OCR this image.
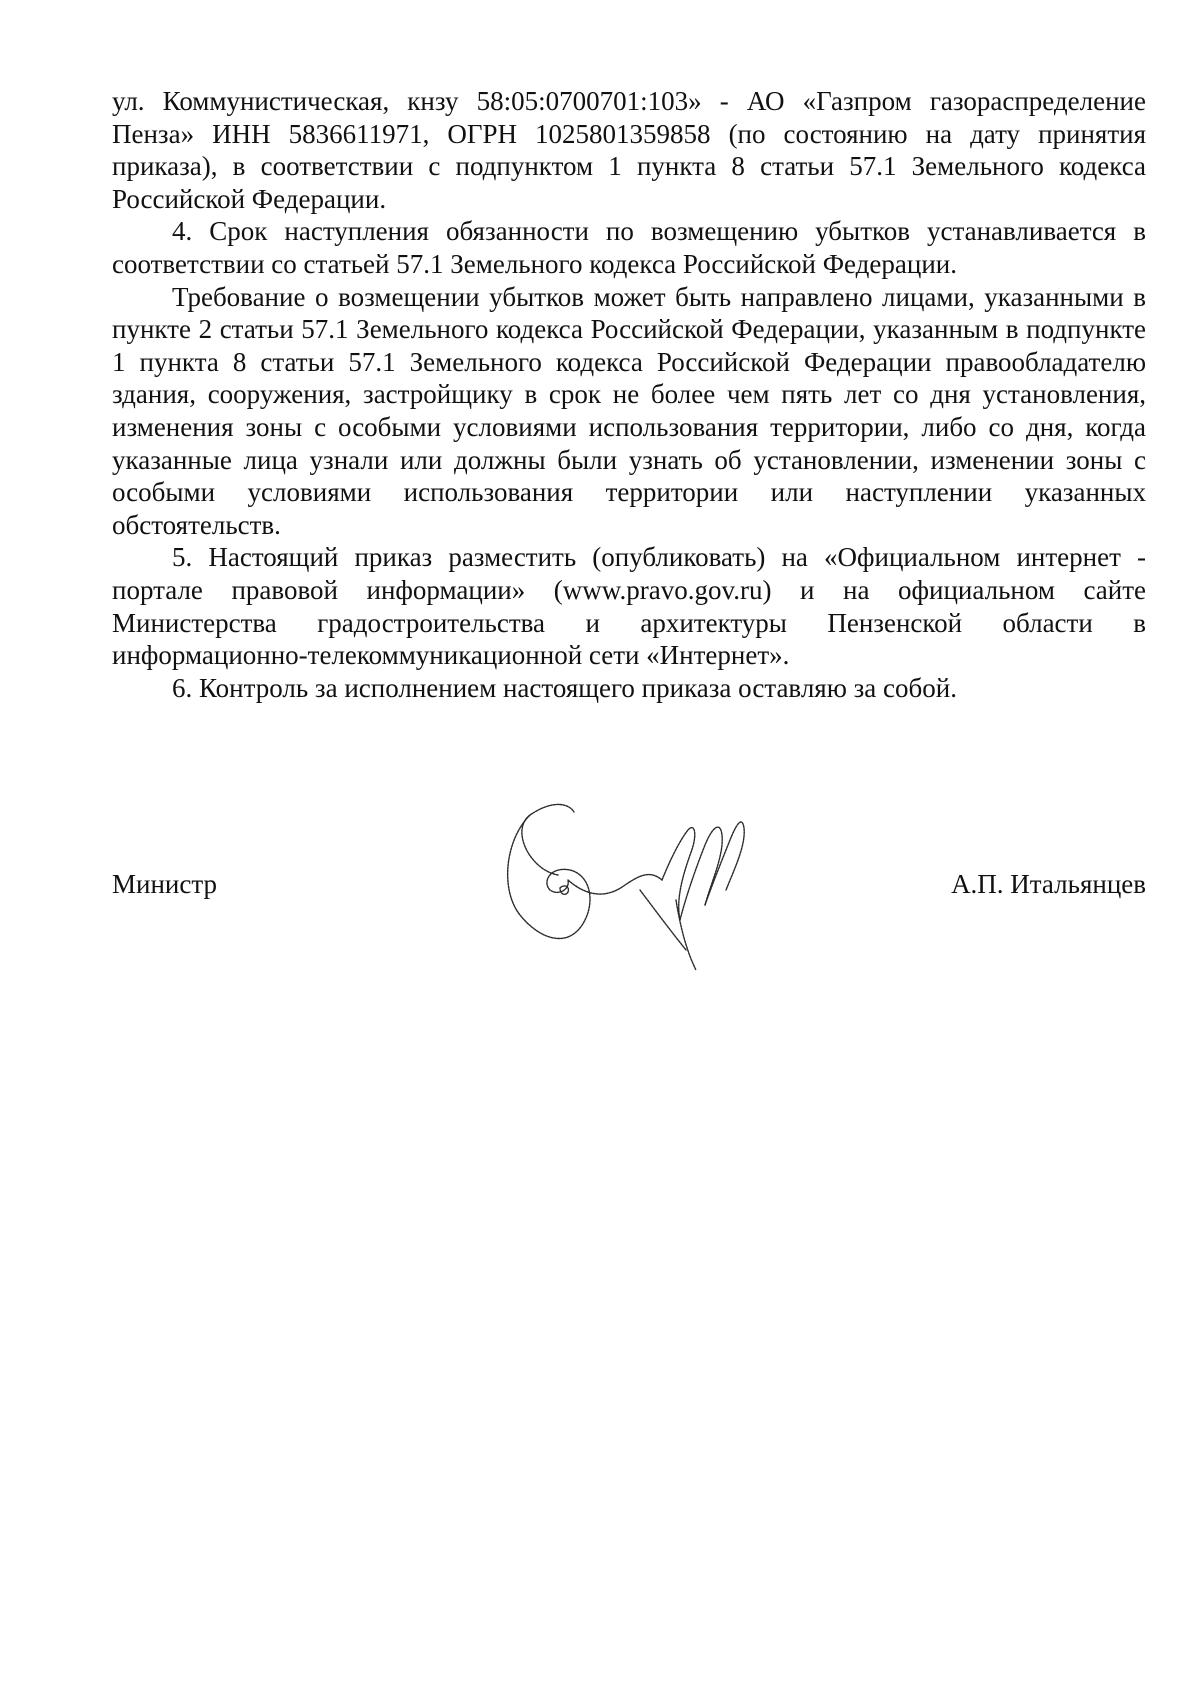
ул. Коммунистическая, кнзу 58:05:0700701:103» - АО «Газпром газораспределение Пенза» ИНН 5836611971, ОГРН 1025801359858 (по состоянию на дату принятия приказа), в соответствии с подпунктом 1 пункта 8 статьи 57.1 Земельного кодекса Российской Федерации.

4. Срок наступления обязанности по возмещению убытков устанавливается в соответствии со статьей 57.1 Земельного кодекса Российской Федерации.

Требование о возмещении убытков может быть направлено лицами, указанными в пункте 2 статьи 57.1 Земельного кодекса Российской Федерации, указанным в подпункте 1 пункта 8 статьи 57.1 Земельного кодекса Российской Федерации правообладателю здания, сооружения, застройщику в срок не более чем пять лет со дня установления, изменения зоны с особыми условиями использования территории, либо со дня, когда указанные лица узнали или должны были узнать об установлении, изменении зоны с особыми условиями использования территории или наступлении указанных обстоятельств.

5. Настоящий приказ разместить (опубликовать) на «Официальном интернет - портале правовой информации» (www.pravo.gov.ru) и на официальном сайте Министерства градостроительства и архитектуры Пензенской области в информационно-телекоммуникационной сети «Интернет».

6. Контроль за исполнением настоящего приказа оставляю за собой.

Министр	А.П. Итальянцев
